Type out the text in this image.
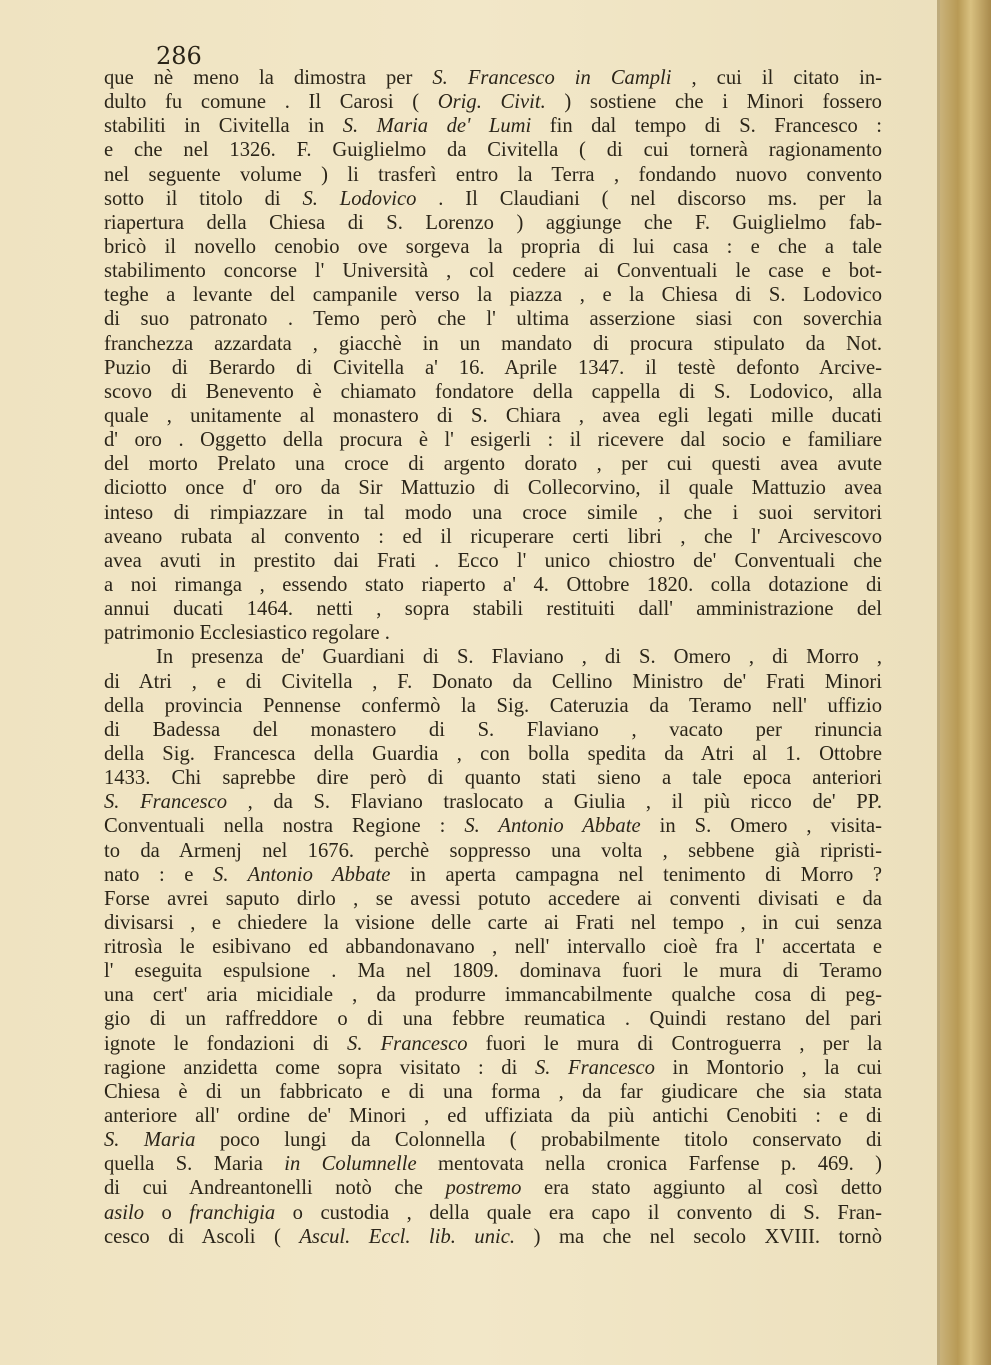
286
que nè meno la dimostra per S. Francesco in Campli , cui il citato in-
dulto fu comune . Il Carosi ( Orig. Civit. ) sostiene che i Minori fossero
stabiliti in Civitella in S. Maria de' Lumi fin dal tempo di S. Francesco :
e che nel 1326. F. Guiglielmo da Civitella ( di cui tornerà ragionamento
nel seguente volume ) li trasferì entro la Terra , fondando nuovo convento
sotto il titolo di S. Lodovico . Il Claudiani ( nel discorso ms. per la
riapertura della Chiesa di S. Lorenzo ) aggiunge che F. Guiglielmo fab-
bricò il novello cenobio ove sorgeva la propria di lui casa : e che a tale
stabilimento concorse l' Università , col cedere ai Conventuali le case e bot-
teghe a levante del campanile verso la piazza , e la Chiesa di S. Lodovico
di suo patronato . Temo però che l' ultima asserzione siasi con soverchia
franchezza azzardata , giacchè in un mandato di procura stipulato da Not.
Puzio di Berardo di Civitella a' 16. Aprile 1347. il testè defonto Arcive-
scovo di Benevento è chiamato fondatore della cappella di S. Lodovico, alla
quale , unitamente al monastero di S. Chiara , avea egli legati mille ducati
d' oro . Oggetto della procura è l' esigerli : il ricevere dal socio e familiare
del morto Prelato una croce di argento dorato , per cui questi avea avute
diciotto once d' oro da Sir Mattuzio di Collecorvino, il quale Mattuzio avea
inteso di rimpiazzare in tal modo una croce simile , che i suoi servitori
aveano rubata al convento : ed il ricuperare certi libri , che l' Arcivescovo
avea avuti in prestito dai Frati . Ecco l' unico chiostro de' Conventuali che
a noi rimanga , essendo stato riaperto a' 4. Ottobre 1820. colla dotazione di
annui ducati 1464. netti , sopra stabili restituiti dall' amministrazione del
patrimonio Ecclesiastico regolare .
In presenza de' Guardiani di S. Flaviano , di S. Omero , di Morro ,
di Atri , e di Civitella , F. Donato da Cellino Ministro de' Frati Minori
della provincia Pennense confermò la Sig. Cateruzia da Teramo nell' uffizio
di Badessa del monastero di S. Flaviano , vacato per rinuncia
della Sig. Francesca della Guardia , con bolla spedita da Atri al 1. Ottobre
1433. Chi saprebbe dire però di quanto stati sieno a tale epoca anteriori
S. Francesco , da S. Flaviano traslocato a Giulia , il più ricco de' PP.
Conventuali nella nostra Regione : S. Antonio Abbate in S. Omero , visita-
to da Armenj nel 1676. perchè soppresso una volta , sebbene già ripristi-
nato : e S. Antonio Abbate in aperta campagna nel tenimento di Morro ?
Forse avrei saputo dirlo , se avessi potuto accedere ai conventi divisati e da
divisarsi , e chiedere la visione delle carte ai Frati nel tempo , in cui senza
ritrosìa le esibivano ed abbandonavano , nell' intervallo cioè fra l' accertata e
l' eseguita espulsione . Ma nel 1809. dominava fuori le mura di Teramo
una cert' aria micidiale , da produrre immancabilmente qualche cosa di peg-
gio di un raffreddore o di una febbre reumatica . Quindi restano del pari
ignote le fondazioni di S. Francesco fuori le mura di Controguerra , per la
ragione anzidetta come sopra visitato : di S. Francesco in Montorio , la cui
Chiesa è di un fabbricato e di una forma , da far giudicare che sia stata
anteriore all' ordine de' Minori , ed uffiziata da più antichi Cenobiti : e di
S. Maria poco lungi da Colonnella ( probabilmente titolo conservato di
quella S. Maria in Columnelle mentovata nella cronica Farfense p. 469. )
di cui Andreantonelli notò che postremo era stato aggiunto al così detto
asilo o franchigia o custodia , della quale era capo il convento di S. Fran-
cesco di Ascoli ( Ascul. Eccl. lib. unic. ) ma che nel secolo XVIII. tornò
